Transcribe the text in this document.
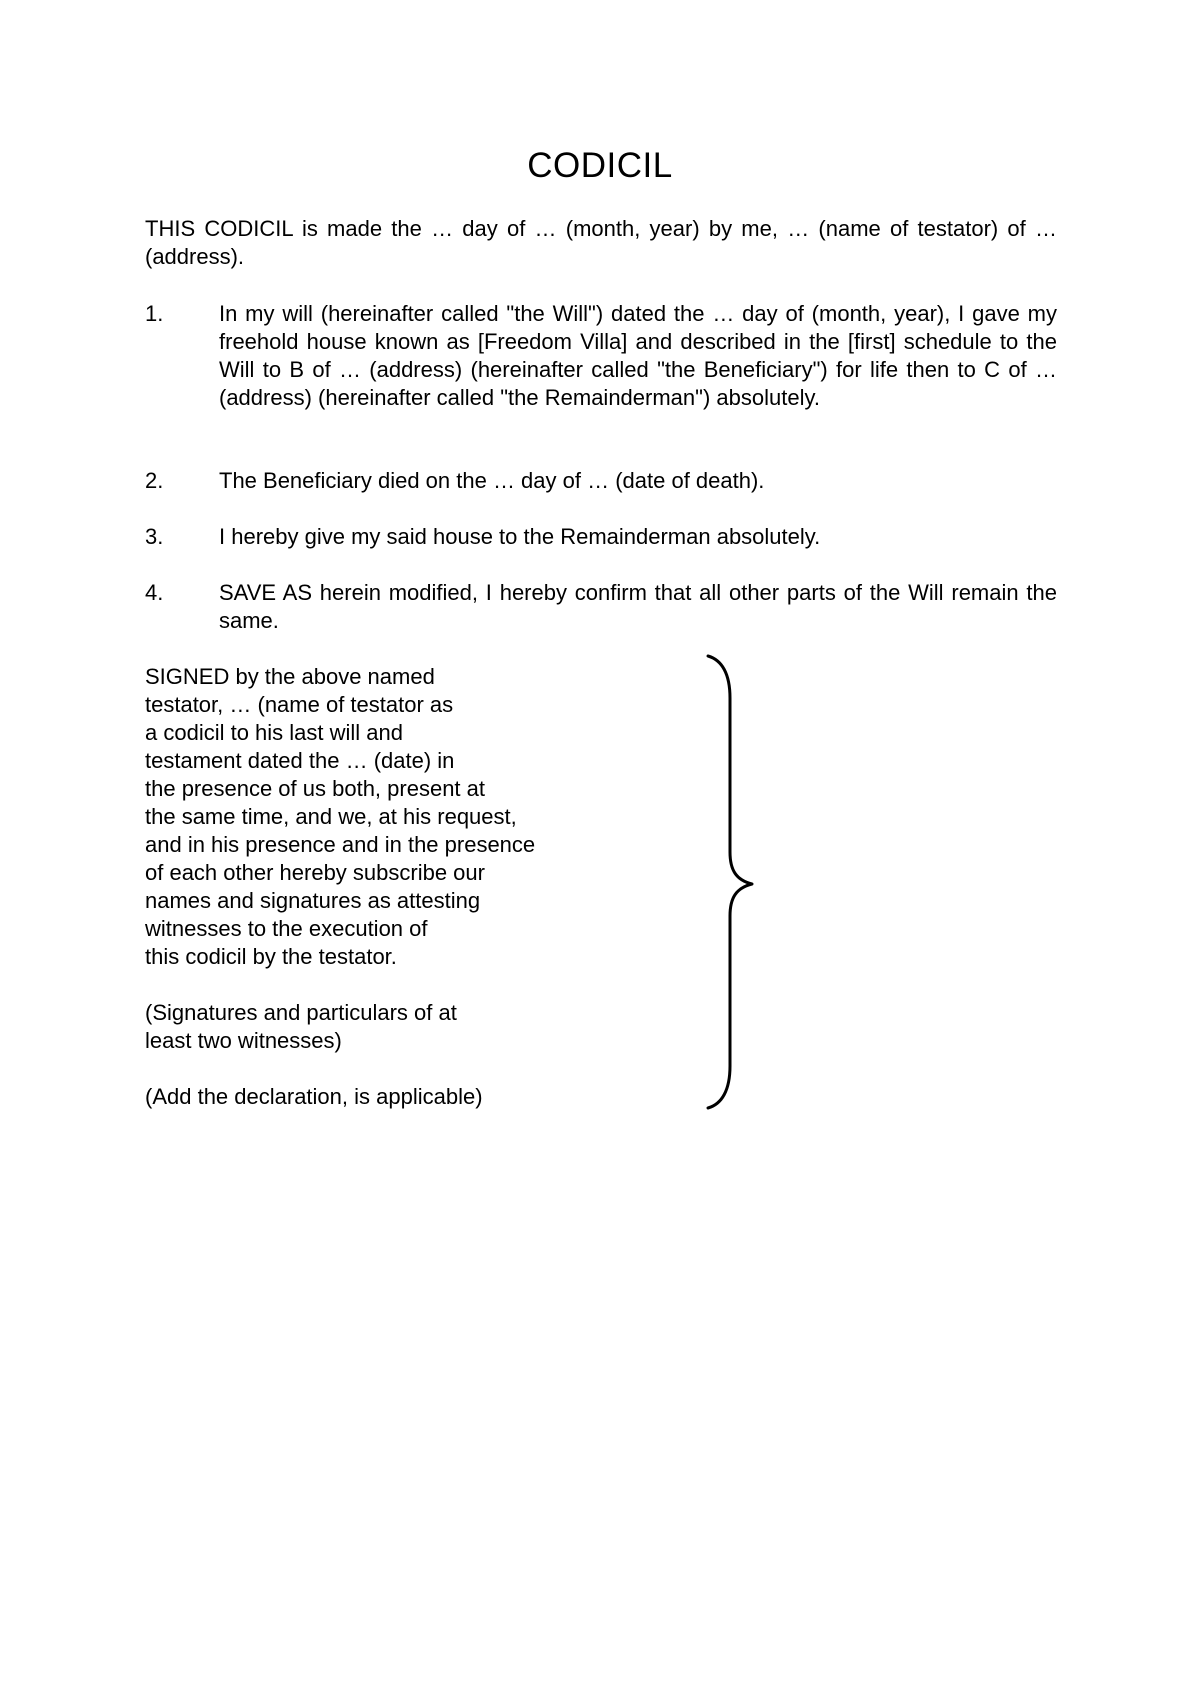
CODICIL
THIS CODICIL is made the … day of … (month, year) by me, … (name of testator) of … (address).
1.	In my will (hereinafter called "the Will") dated the … day of (month, year), I gave my freehold house known as [Freedom Villa] and described in the [first] schedule to the Will to B of … (address) (hereinafter called "the Beneficiary") for life then to C of … (address) (hereinafter called "the Remainderman") absolutely.
2.	The Beneficiary died on the … day of … (date of death).
3.	I hereby give my said house to the Remainderman absolutely.
4.	SAVE AS herein modified, I hereby confirm that all other parts of the Will remain the same.

SIGNED by the above named
testator, … (name of testator as
a codicil to his last will and
testament dated the … (date) in
the presence of us both, present at
the same time, and we, at his request,
and in his presence and in the presence
of each other hereby subscribe our
names and signatures as attesting
witnesses to the execution of
this codicil by the testator.

(Signatures and particulars of at
least two witnesses)

(Add the declaration, is applicable)
